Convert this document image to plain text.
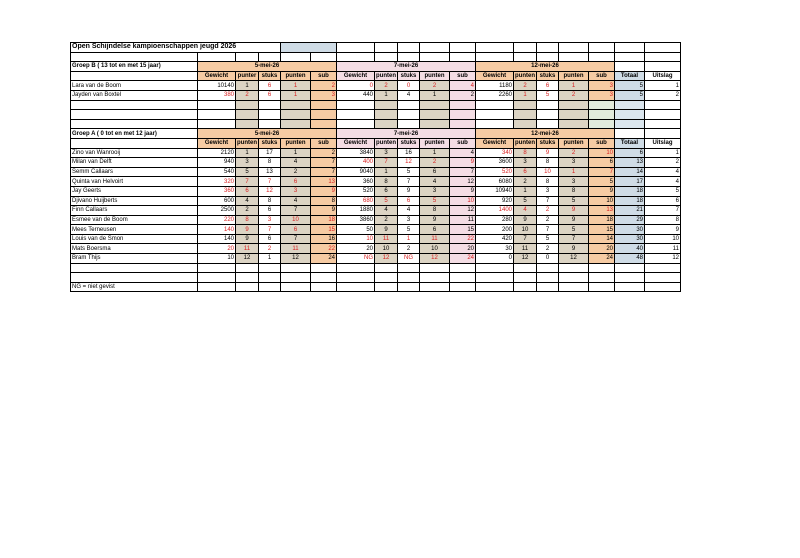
Open Schijndelse kampioenschappen jeugd 2026																	

Groep B ( 13 tot en met 15 jaar)	5-mei-26					7-mei-26					12-mei-26						
	Gewicht	punter	stuks	punten	sub	Gewicht	punten	stuks	punten	sub	Gewicht	punten	stuks	punten	sub	Totaal	Uitslag
Lara van de Boom	10140	1	6	1	2	0	2	0	2	4	1180	2	6	1	3	5	1
Jayden van Boxtel	380	2	6	1	3	440	1	4	1	2	2260	1	5	2	3	5	2

Groep A ( 0 tot en met 12 jaar)	5-mei-26					7-mei-26					12-mei-26						
	Gewicht	punten	stuks	punten	sub	Gewicht	punten	stuks	punten	sub	Gewicht	punten	stuks	punten	sub	Totaal	Uitslag
Zino van Wanrooij	2120	1	17	1	2	3840	3	16	1	4	340	8	9	2	10	6	1
Milan van Delft	940	3	8	4	7	400	7	12	2	9	3600	3	8	3	6	13	2
Semm Callaars	540	5	13	2	7	9040	1	5	6	7	520	6	10	1	7	14	4
Quinta van Helvoirt	320	7	7	6	13	360	8	7	4	12	6080	2	8	3	5	17	4
Jay Geerts	360	6	12	3	9	520	6	9	3	9	10940	1	3	8	9	18	5
Djivano Huijberts	600	4	8	4	8	680	5	6	5	10	920	5	7	5	10	18	6
Finn Callaars	2500	2	6	7	9	1880	4	4	8	12	1400	4	2	9	13	21	7
Esmee van de Boom	220	8	3	10	18	3860	2	3	9	11	280	9	2	9	18	29	8
Mees Terneusen	140	9	7	6	15	50	9	5	6	15	200	10	7	5	15	30	9
Louis van de Smon	140	9	6	7	16	10	11	1	11	22	420	7	5	7	14	30	10
Mats Boersma	20	11	2	11	22	20	10	2	10	20	30	11	2	9	20	40	11
Bram Thijs	10	12	1	12	24	NG	12	NG	12	24	0	12	0	12	24	48	12

NG = niet gevist																	
